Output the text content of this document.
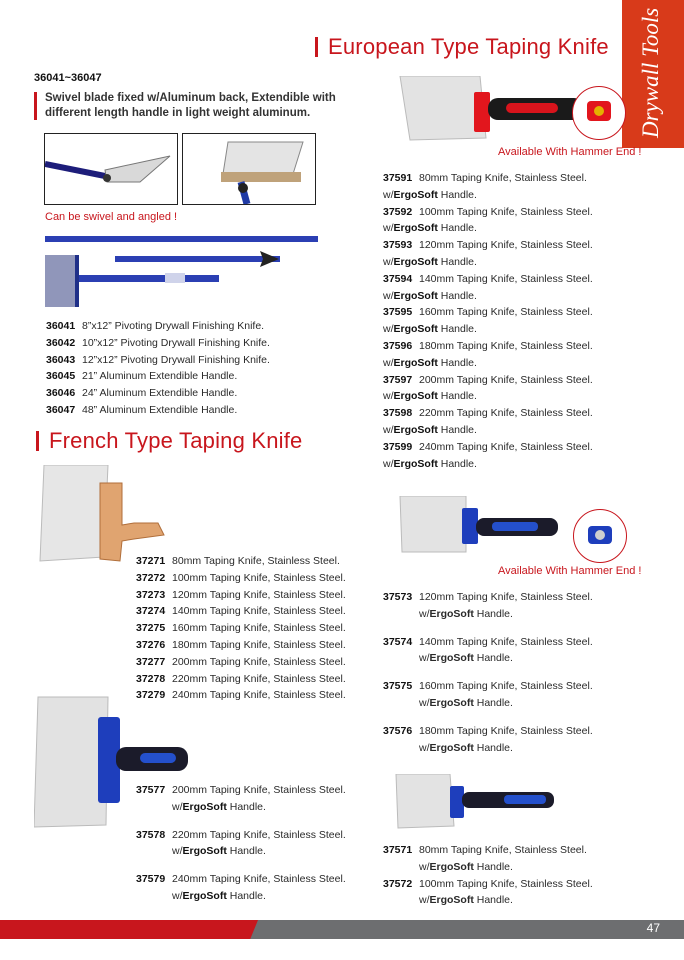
Drywall Tools
European Type Taping Knife
36041~36047
Swivel blade fixed w/Aluminum back, Extendible with
different length handle in light weight aluminum.
Can be swivel and angled !
36041 8”x12” Pivoting Drywall Finishing Knife.
36042 10”x12” Pivoting Drywall Finishing Knife.
36043 12”x12” Pivoting Drywall Finishing Knife.
36045 21” Aluminum Extendible Handle.
36046 24” Aluminum Extendible Handle.
36047 48” Aluminum Extendible Handle.
French Type Taping Knife
37271 80mm Taping Knife, Stainless Steel.
37272 100mm Taping Knife, Stainless Steel.
37273 120mm Taping Knife, Stainless Steel.
37274 140mm Taping Knife, Stainless Steel.
37275 160mm Taping Knife, Stainless Steel.
37276 180mm Taping Knife, Stainless Steel.
37277 200mm Taping Knife, Stainless Steel.
37278 220mm Taping Knife, Stainless Steel.
37279 240mm Taping Knife, Stainless Steel.
37577 200mm Taping Knife, Stainless Steel.
w/ErgoSoft Handle.
37578 220mm Taping Knife, Stainless Steel.
w/ErgoSoft Handle.
37579 240mm Taping Knife, Stainless Steel.
w/ErgoSoft Handle.
Available With Hammer End !
37591 80mm Taping Knife, Stainless Steel.
w/ErgoSoft Handle.
37592 100mm Taping Knife, Stainless Steel.
w/ErgoSoft Handle.
37593 120mm Taping Knife, Stainless Steel.
w/ErgoSoft Handle.
37594 140mm Taping Knife, Stainless Steel.
w/ErgoSoft Handle.
37595 160mm Taping Knife, Stainless Steel.
w/ErgoSoft Handle.
37596 180mm Taping Knife, Stainless Steel.
w/ErgoSoft Handle.
37597 200mm Taping Knife, Stainless Steel.
w/ErgoSoft Handle.
37598 220mm Taping Knife, Stainless Steel.
w/ErgoSoft Handle.
37599 240mm Taping Knife, Stainless Steel.
w/ErgoSoft Handle.
Available With Hammer End !
37573 120mm Taping Knife, Stainless Steel.
w/ErgoSoft Handle.
37574 140mm Taping Knife, Stainless Steel.
w/ErgoSoft Handle.
37575 160mm Taping Knife, Stainless Steel.
w/ErgoSoft Handle.
37576 180mm Taping Knife, Stainless Steel.
w/ErgoSoft Handle.
37571 80mm Taping Knife, Stainless Steel.
w/ErgoSoft Handle.
37572 100mm Taping Knife, Stainless Steel.
w/ErgoSoft Handle.
47
